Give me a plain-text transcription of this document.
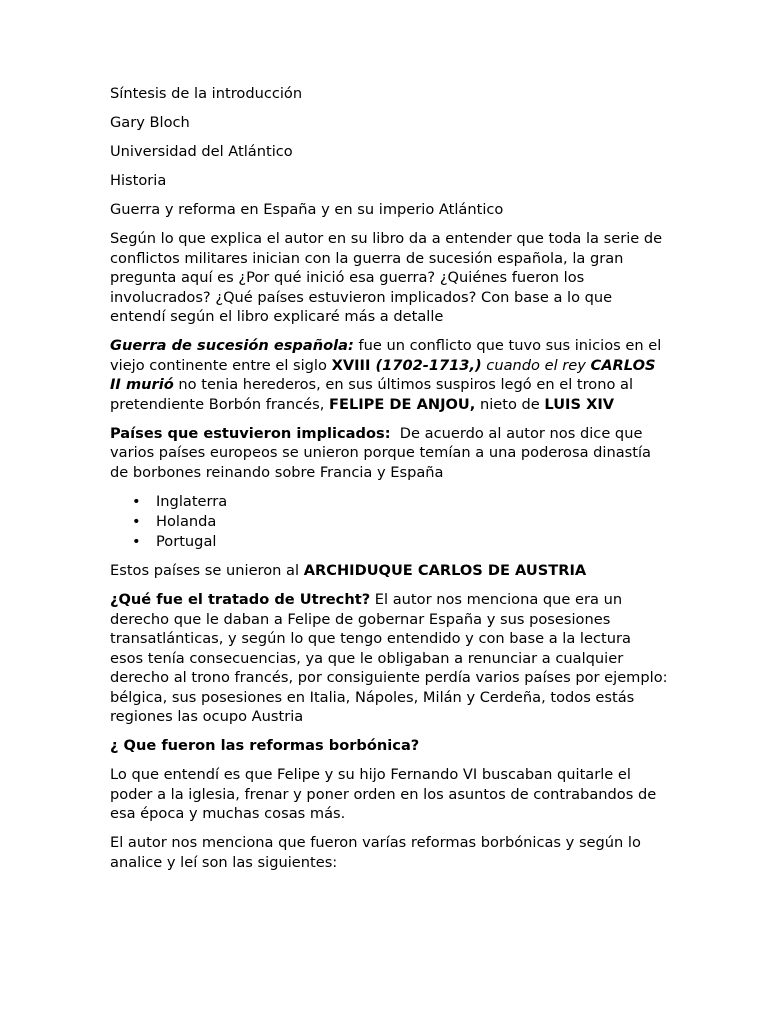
Síntesis de la introducción

Gary Bloch

Universidad del Atlántico

Historia

Guerra y reforma en España y en su imperio Atlántico

Según lo que explica el autor en su libro da a entender que toda la serie de conflictos militares inician con la guerra de sucesión española, la gran pregunta aquí es ¿Por qué inició esa guerra? ¿Quiénes fueron los involucrados? ¿Qué países estuvieron implicados? Con base a lo que entendí según el libro explicaré más a detalle

Guerra de sucesión española: fue un conflicto que tuvo sus inicios en el viejo continente entre el siglo XVIII (1702-1713,) cuando el rey CARLOS II murió no tenia herederos, en sus últimos suspiros legó en el trono al pretendiente Borbón francés, FELIPE DE ANJOU, nieto de LUIS XIV

Países que estuvieron implicados:  De acuerdo al autor nos dice que varios países europeos se unieron porque temían a una poderosa dinastía de borbones reinando sobre Francia y España

• Inglaterra
• Holanda
• Portugal

Estos países se unieron al ARCHIDUQUE CARLOS DE AUSTRIA

¿Qué fue el tratado de Utrecht? El autor nos menciona que era un derecho que le daban a Felipe de gobernar España y sus posesiones transatlánticas, y según lo que tengo entendido y con base a la lectura esos tenía consecuencias, ya que le obligaban a renunciar a cualquier derecho al trono francés, por consiguiente perdía varios países por ejemplo: bélgica, sus posesiones en Italia, Nápoles, Milán y Cerdeña, todos estás regiones las ocupo Austria

¿ Que fueron las reformas borbónica?

Lo que entendí es que Felipe y su hijo Fernando VI buscaban quitarle el poder a la iglesia, frenar y poner orden en los asuntos de contrabandos de esa época y muchas cosas más.

El autor nos menciona que fueron varías reformas borbónicas y según lo analice y leí son las siguientes:
